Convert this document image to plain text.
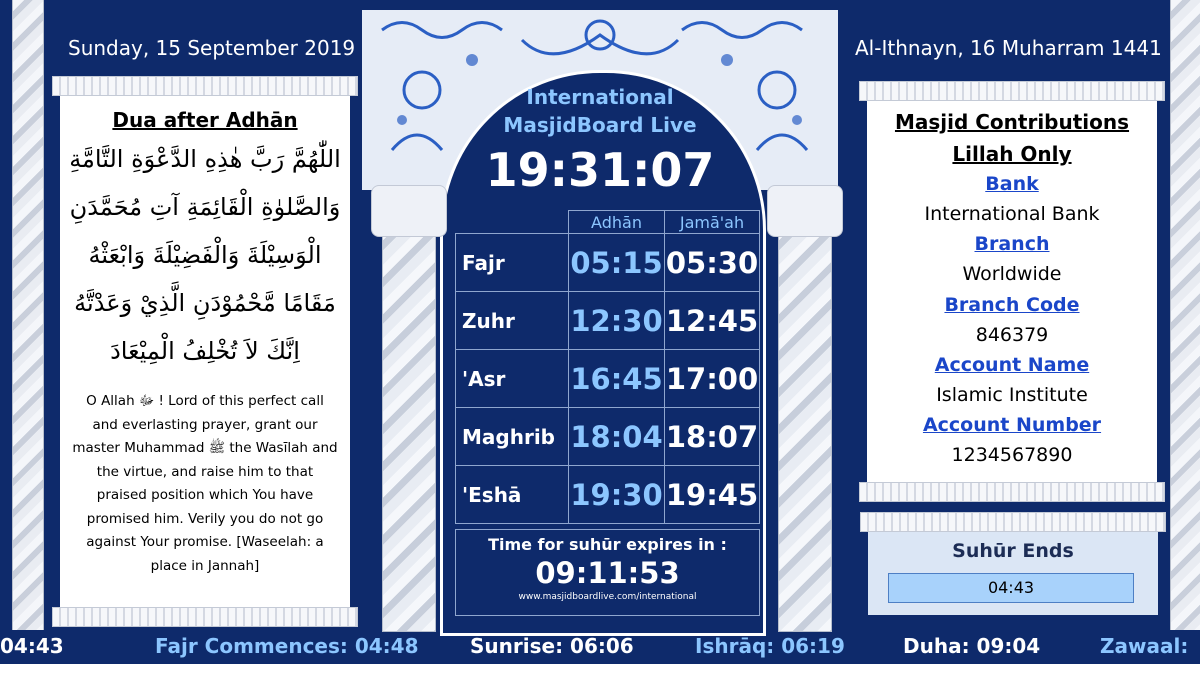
Sunday, 15 September 2019	Al-Ithnayn, 16 Muharram 1441
Dua after Adhān
اللّٰهُمَّ رَبَّ هٰذِهِ الدَّعْوَةِ التَّامَّةِ
وَالصَّلوٰةِ الْقَائِمَةِ آتِ مُحَمَّدَنِ
الْوَسِيْلَةَ وَالْفَضِيْلَةَ وَابْعَثْهُ
مَقَامًا مَّحْمُوْدَنِ الَّذِيْ وَعَدْتَّهُ
اِنَّكَ لاَ تُخْلِفُ الْمِيْعَادَ
O Allah ﷻ ! Lord of this perfect call and everlasting prayer, grant our master Muhammad ﷺ the Wasīlah and the virtue, and raise him to that praised position which You have promised him. Verily you do not go against Your promise. [Waseelah: a place in Jannah]
International
MasjidBoard Live
19:31:07
	Adhān	Jamā'ah
Fajr	05:15	05:30
Zuhr	12:30	12:45
'Asr	16:45	17:00
Maghrib	18:04	18:07
'Eshā	19:30	19:45
Time for suhūr expires in :
09:11:53
www.masjidboardlive.com/international
Masjid Contributions
Lillah Only
Bank
International Bank
Branch
Worldwide
Branch Code
846379
Account Name
Islamic Institute
Account Number
1234567890
Suhūr Ends
04:43
04:43	Fajr Commences: 04:48	Sunrise: 06:06	Ishrāq: 06:19	Duha: 09:04	Zawaal:
